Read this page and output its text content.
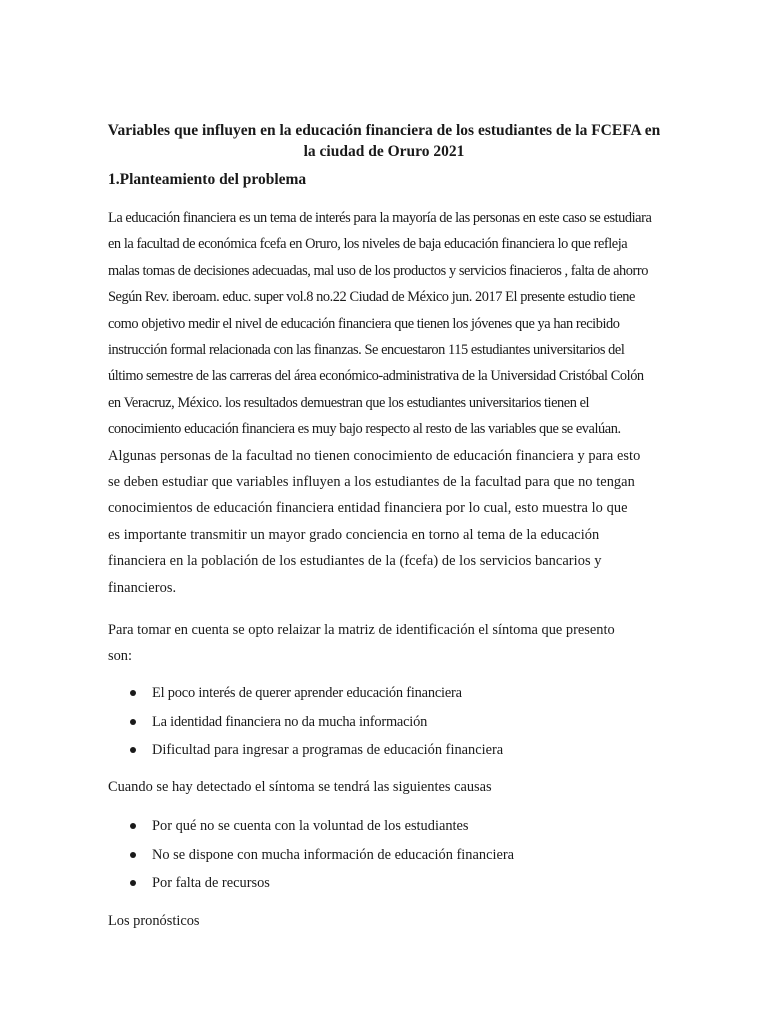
Variables que influyen en la educación financiera de los estudiantes de la FCEFA en la ciudad de Oruro 2021
1.Planteamiento del problema

La educación financiera es un tema de interés para la mayoría de las personas en este caso se estudiara

en la facultad de económica fcefa en Oruro, los niveles de baja educación financiera lo que refleja

malas tomas de decisiones adecuadas, mal uso de los productos y servicios finacieros , falta de ahorro

Según Rev. iberoam. educ. super vol.8 no.22 Ciudad de México jun. 2017 El presente estudio tiene

como objetivo medir el nivel de educación financiera que tienen los jóvenes que ya han recibido

instrucción formal relacionada con las finanzas. Se encuestaron 115 estudiantes universitarios del

último semestre de las carreras del área económico-administrativa de la Universidad Cristóbal Colón

en Veracruz, México. los resultados demuestran que los estudiantes universitarios tienen el

conocimiento educación financiera es muy bajo respecto al resto de las variables que se evalúan.

Algunas personas de la facultad no tienen conocimiento de educación financiera y para esto

se deben estudiar que variables influyen a los estudiantes de la facultad para que no tengan

conocimientos de educación financiera entidad financiera por lo cual, esto muestra lo que

es importante transmitir un mayor grado conciencia en torno al tema de la educación

financiera en la población de los estudiantes de la (fcefa) de los servicios bancarios y

financieros.

Para tomar en cuenta se opto relaizar la matriz de identificación el síntoma que presento

son:

El poco interés de querer aprender educación financiera
La identidad financiera no da mucha información
Dificultad para ingresar a programas de educación financiera

Cuando se hay detectado el síntoma se tendrá las siguientes causas

Por qué no se cuenta con la voluntad de los estudiantes
No se dispone con mucha información de educación financiera
Por falta de recursos

Los pronósticos
